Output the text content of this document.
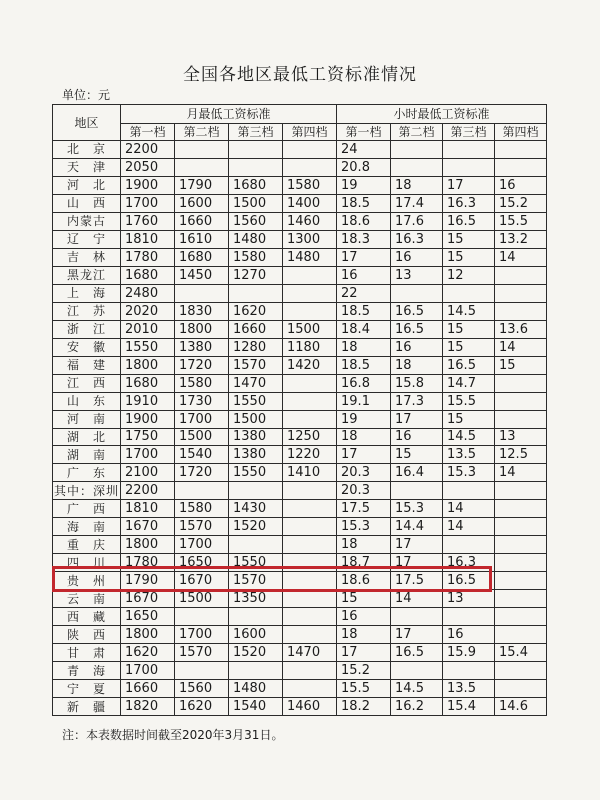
全国各地区最低工资标准情况
单位：元
地区	月最低工资标准				小时最低工资标准			
	第一档	第二档	第三档	第四档	第一档	第二档	第三档	第四档
北　京	2200				24			
天　津	2050				20.8			
河　北	1900	1790	1680	1580	19	18	17	16
山　西	1700	1600	1500	1400	18.5	17.4	16.3	15.2
内蒙古	1760	1660	1560	1460	18.6	17.6	16.5	15.5
辽　宁	1810	1610	1480	1300	18.3	16.3	15	13.2
吉　林	1780	1680	1580	1480	17	16	15	14
黑龙江	1680	1450	1270		16	13	12	
上　海	2480				22			
江　苏	2020	1830	1620		18.5	16.5	14.5	
浙　江	2010	1800	1660	1500	18.4	16.5	15	13.6
安　徽	1550	1380	1280	1180	18	16	15	14
福　建	1800	1720	1570	1420	18.5	18	16.5	15
江　西	1680	1580	1470		16.8	15.8	14.7	
山　东	1910	1730	1550		19.1	17.3	15.5	
河　南	1900	1700	1500		19	17	15	
湖　北	1750	1500	1380	1250	18	16	14.5	13
湖　南	1700	1540	1380	1220	17	15	13.5	12.5
广　东	2100	1720	1550	1410	20.3	16.4	15.3	14
其中：深圳	2200				20.3			
广　西	1810	1580	1430		17.5	15.3	14	
海　南	1670	1570	1520		15.3	14.4	14	
重　庆	1800	1700			18	17		
四　川	1780	1650	1550		18.7	17	16.3	
贵　州	1790	1670	1570		18.6	17.5	16.5	
云　南	1670	1500	1350		15	14	13	
西　藏	1650				16			
陕　西	1800	1700	1600		18	17	16	
甘　肃	1620	1570	1520	1470	17	16.5	15.9	15.4
青　海	1700				15.2			
宁　夏	1660	1560	1480		15.5	14.5	13.5	
新　疆	1820	1620	1540	1460	18.2	16.2	15.4	14.6
注：本表数据时间截至2020年3月31日。
